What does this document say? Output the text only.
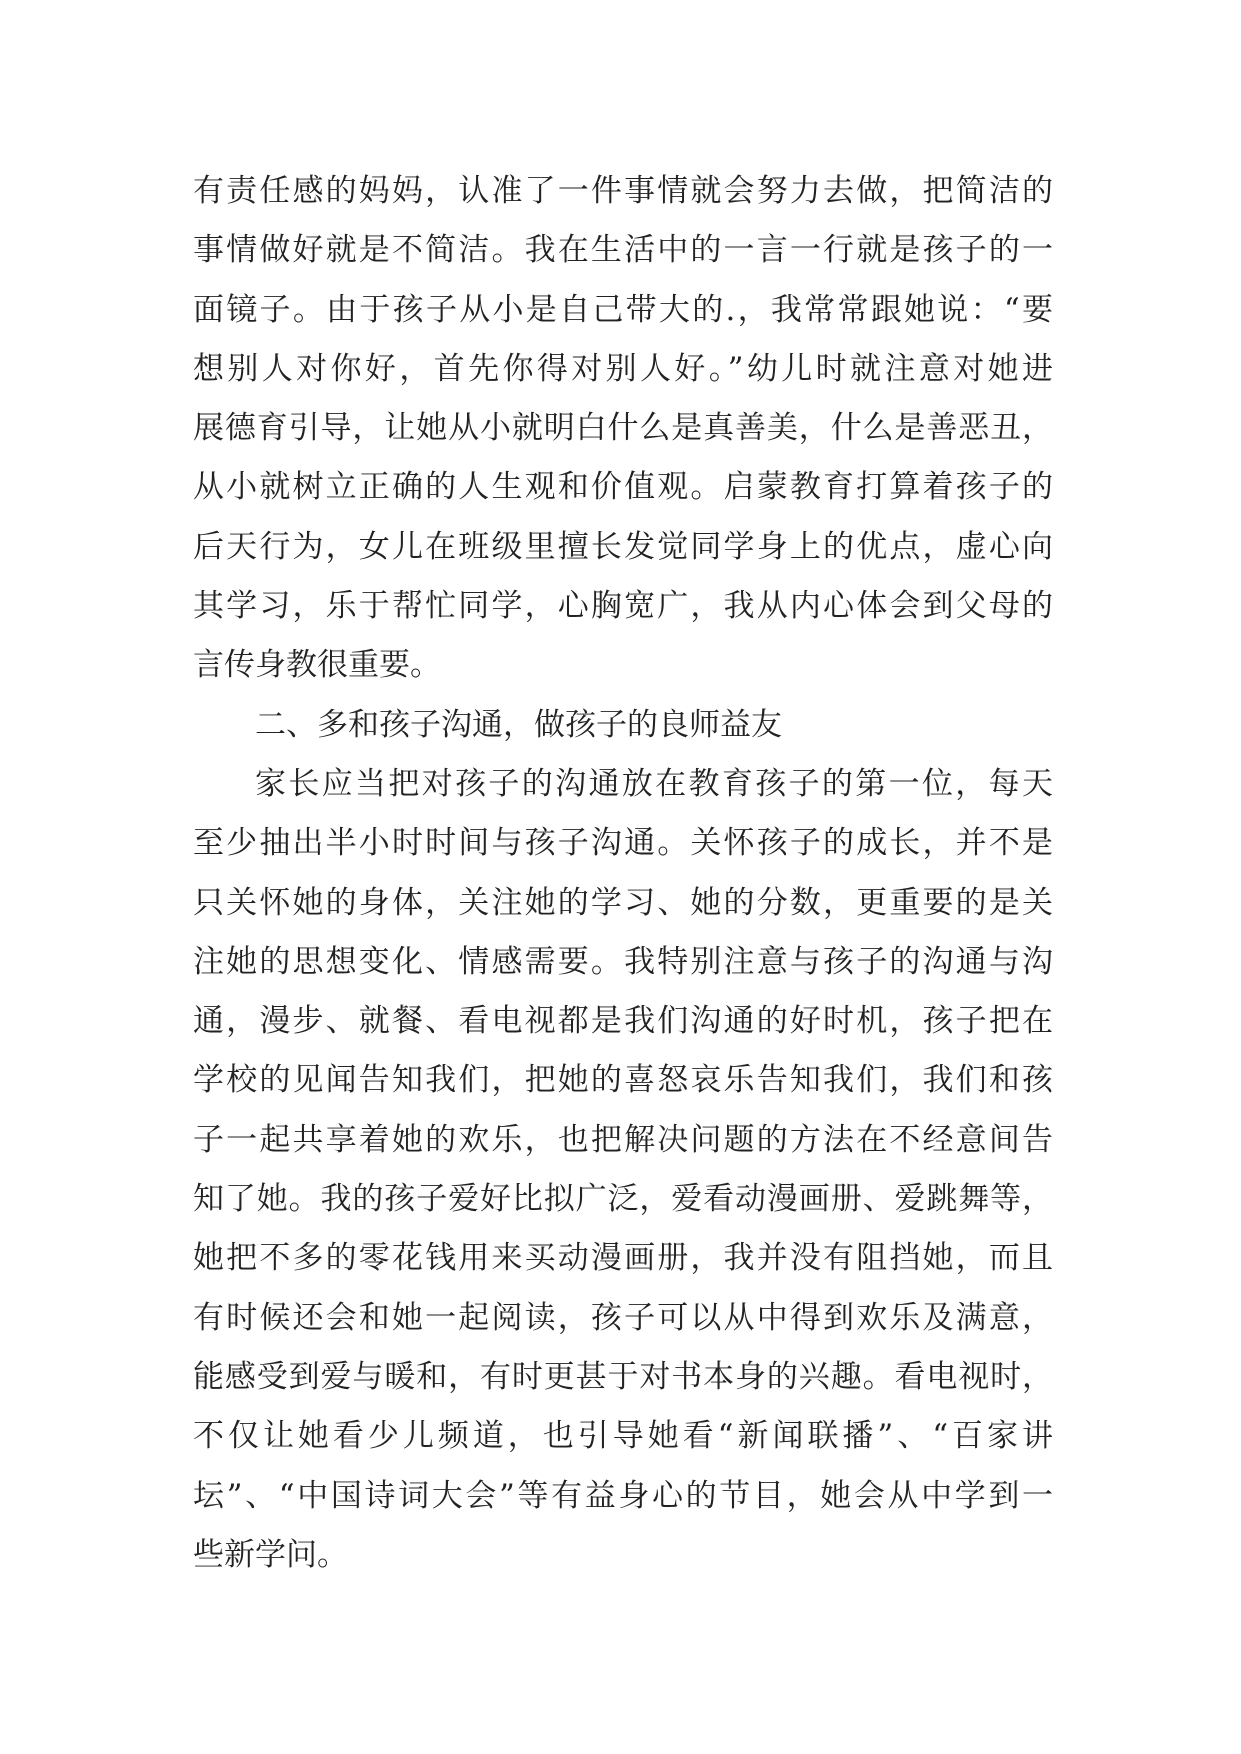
有责任感的妈妈，认准了一件事情就会努力去做，把简洁的
事情做好就是不简洁。我在生活中的一言一行就是孩子的一
面镜子。由于孩子从小是自己带大的.，我常常跟她说：“要
想别人对你好，首先你得对别人好。”幼儿时就注意对她进
展德育引导，让她从小就明白什么是真善美，什么是善恶丑，
从小就树立正确的人生观和价值观。启蒙教育打算着孩子的
后天行为，女儿在班级里擅长发觉同学身上的优点，虚心向
其学习，乐于帮忙同学，心胸宽广，我从内心体会到父母的
言传身教很重要。
二、多和孩子沟通，做孩子的良师益友
家长应当把对孩子的沟通放在教育孩子的第一位，每天
至少抽出半小时时间与孩子沟通。关怀孩子的成长，并不是
只关怀她的身体，关注她的学习、她的分数，更重要的是关
注她的思想变化、情感需要。我特别注意与孩子的沟通与沟
通，漫步、就餐、看电视都是我们沟通的好时机，孩子把在
学校的见闻告知我们，把她的喜怒哀乐告知我们，我们和孩
子一起共享着她的欢乐，也把解决问题的方法在不经意间告
知了她。我的孩子爱好比拟广泛，爱看动漫画册、爱跳舞等，
她把不多的零花钱用来买动漫画册，我并没有阻挡她，而且
有时候还会和她一起阅读，孩子可以从中得到欢乐及满意，
能感受到爱与暖和，有时更甚于对书本身的兴趣。看电视时，
不仅让她看少儿频道，也引导她看“新闻联播”、“百家讲
坛”、“中国诗词大会”等有益身心的节目，她会从中学到一
些新学问。
